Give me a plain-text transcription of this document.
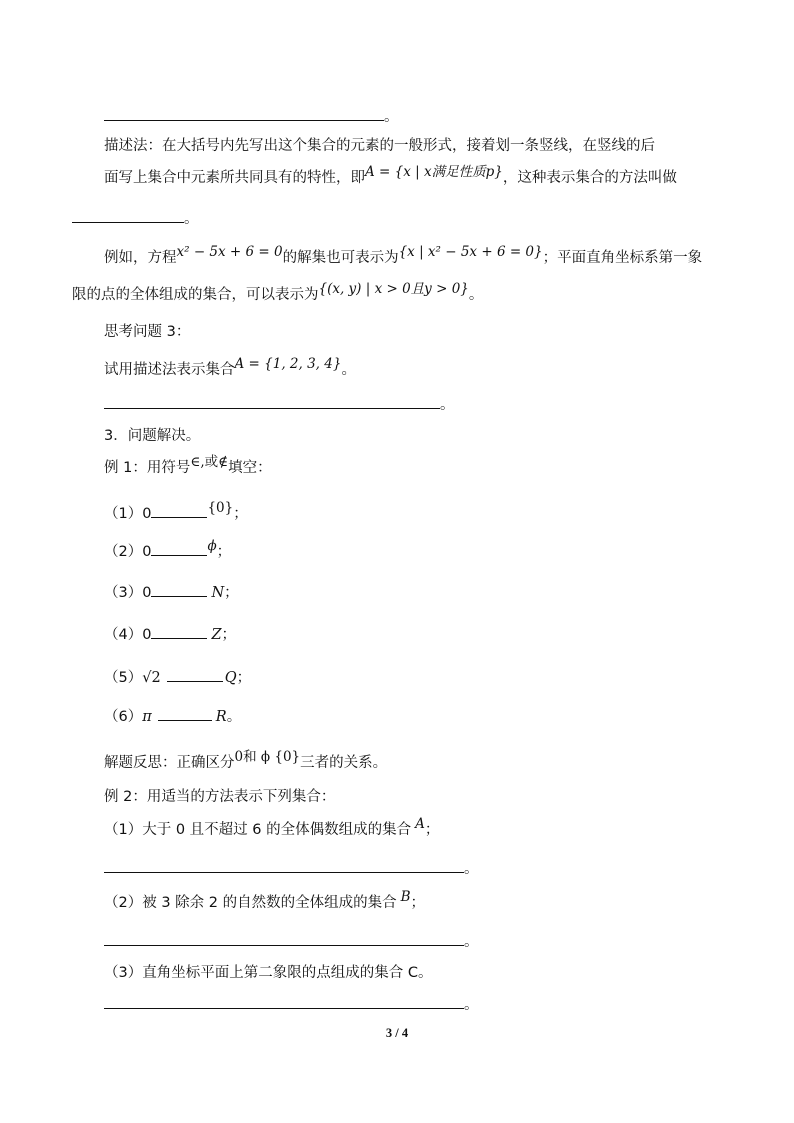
。
描述法：在大括号内先写出这个集合的元素的一般形式，接着划一条竖线，在竖线的后
面写上集合中元素所共同具有的特性，即A = {x | x满足性质p}，这种表示集合的方法叫做
。
例如，方程x² − 5x + 6 = 0的解集也可表示为{x | x² − 5x + 6 = 0}；平面直角坐标系第一象
限的点的全体组成的集合，可以表示为{(x, y) | x > 0且y > 0}。
思考问题 3：
试用描述法表示集合A = {1, 2, 3, 4}。
。
3．问题解决。
例 1：用符号∈,或∉填空：
（1）0	{0}；
（2）0	ϕ；
（3）0	N；
（4）0	Z；
（5）√2	Q；
（6）π	R。
解题反思：正确区分0和 ϕ {0}三者的关系。
例 2：用适当的方法表示下列集合：
（1）大于 0 且不超过 6 的全体偶数组成的集合 A；
。
（2）被 3 除余 2 的自然数的全体组成的集合 B；
。
（3）直角坐标平面上第二象限的点组成的集合 C。
。
3 / 4
